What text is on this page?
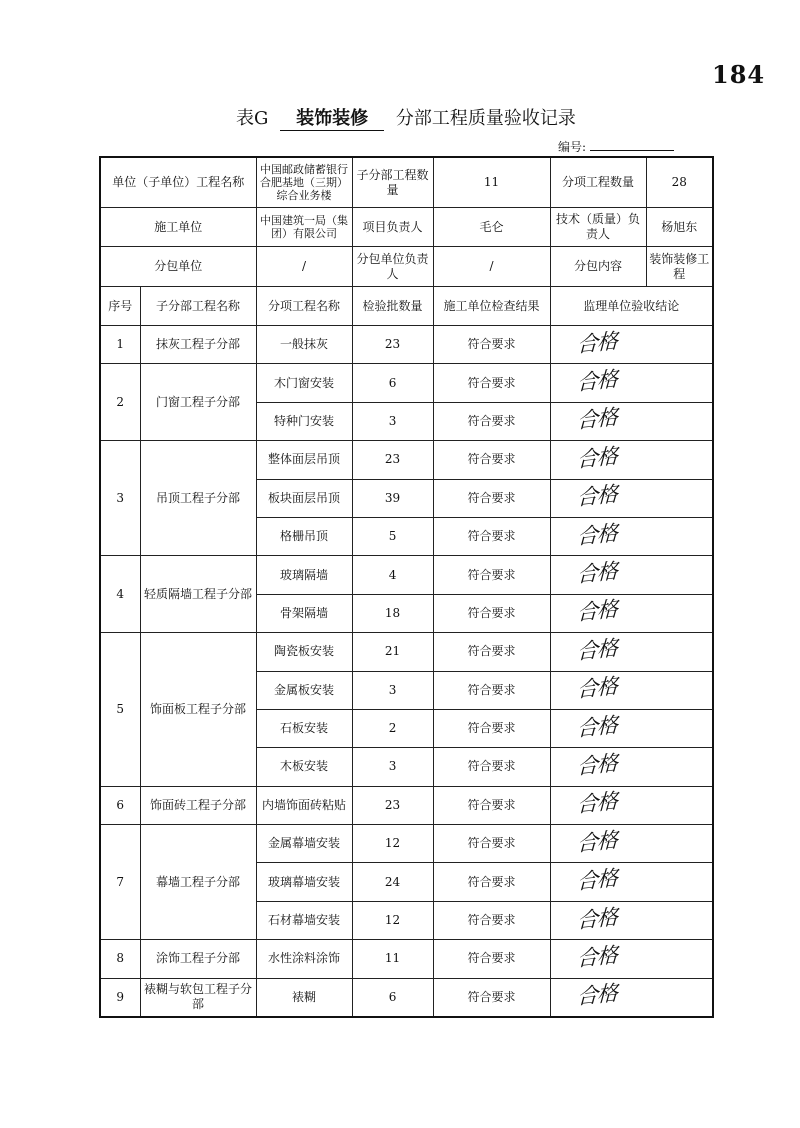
184
表G 装饰装修 分部工程质量验收记录
编号:
单位（子单位）工程名称		中国邮政储蓄银行合肥基地（三期）综合业务楼	子分部工程数量	11	分项工程数量	28
施工单位		中国建筑一局（集团）有限公司	项目负责人	毛仑	技术（质量）负责人	杨旭东
分包单位		/	分包单位负责人	/	分包内容	装饰装修工程
序号	子分部工程名称	分项工程名称	检验批数量	施工单位检查结果	监理单位验收结论	
1	抹灰工程子分部	一般抹灰	23	符合要求	合格	
2	门窗工程子分部	木门窗安装	6	符合要求	合格	
		特种门安装	3	符合要求	合格	
3	吊顶工程子分部	整体面层吊顶	23	符合要求	合格	
		板块面层吊顶	39	符合要求	合格	
		格栅吊顶	5	符合要求	合格	
4	轻质隔墙工程子分部	玻璃隔墙	4	符合要求	合格	
		骨架隔墙	18	符合要求	合格	
5	饰面板工程子分部	陶瓷板安装	21	符合要求	合格	
		金属板安装	3	符合要求	合格	
		石板安装	2	符合要求	合格	
		木板安装	3	符合要求	合格	
6	饰面砖工程子分部	内墙饰面砖粘贴	23	符合要求	合格	
7	幕墙工程子分部	金属幕墙安装	12	符合要求	合格	
		玻璃幕墙安装	24	符合要求	合格	
		石材幕墙安装	12	符合要求	合格	
8	涂饰工程子分部	水性涂料涂饰	11	符合要求	合格	
9	裱糊与软包工程子分部	裱糊	6	符合要求	合格	
